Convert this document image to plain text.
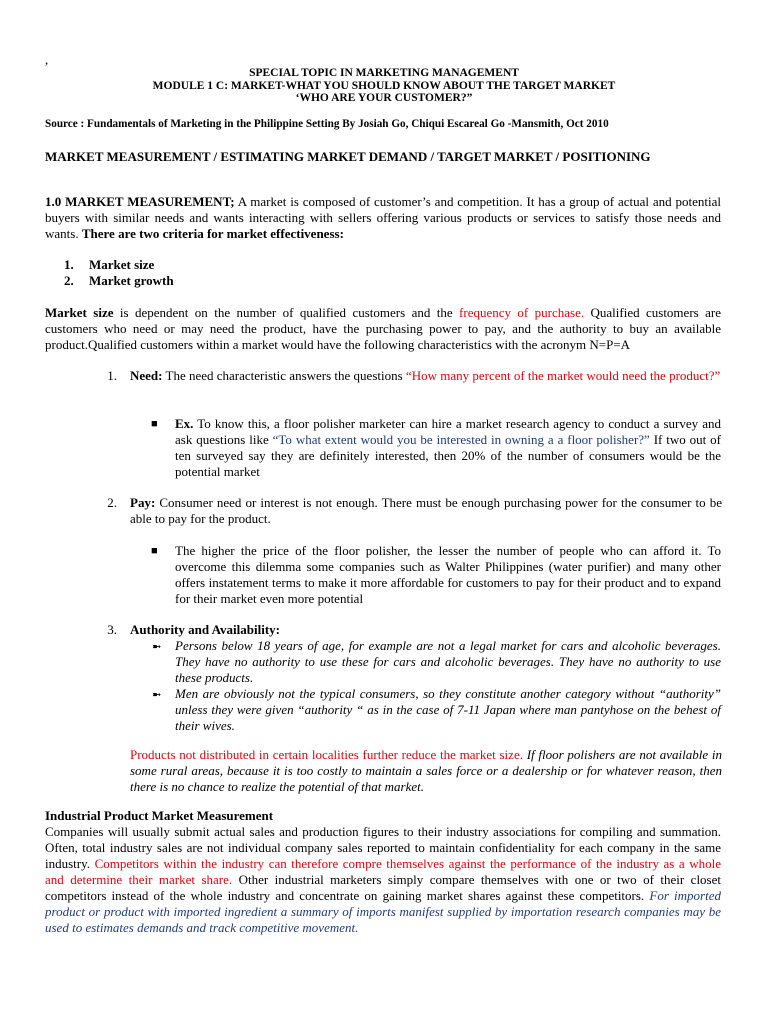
,
SPECIAL TOPIC IN MARKETING MANAGEMENT
MODULE 1 C: MARKET-WHAT YOU SHOULD KNOW ABOUT THE TARGET MARKET
‘WHO ARE YOUR CUSTOMER?”
Source : Fundamentals of Marketing in the Philippine Setting By Josiah Go, Chiqui Escareal Go -Mansmith, Oct 2010
MARKET MEASUREMENT / ESTIMATING MARKET DEMAND / TARGET MARKET / POSITIONING

1.0 MARKET MEASUREMENT; A market is composed of customer’s and competition. It has a group of actual and potential buyers with similar needs and wants interacting with sellers offering various products or services to satisfy those needs and wants. There are two criteria for market effectiveness:

1. Market size
2. Market growth

Market size is dependent on the number of qualified customers and the frequency of purchase. Qualified customers are customers who need or may need the product, have the purchasing power to pay, and the authority to buy an available product.Qualified customers within a market would have the following characteristics with the acronym N=P=A

1. Need: The need characteristic answers the questions “How many percent of the market would need the product?”

■ Ex. To know this, a floor polisher marketer can hire a market research agency to conduct a survey and ask questions like “To what extent would you be interested in owning a a floor polisher?” If two out of ten surveyed say they are definitely interested, then 20% of the number of consumers would be the potential market

2. Pay: Consumer need or interest is not enough. There must be enough purchasing power for the consumer to be able to pay for the product.

■ The higher the price of the floor polisher, the lesser the number of people who can afford it. To overcome this dilemma some companies such as Walter Philippines (water purifier) and many other offers instatement terms to make it more affordable for customers to pay for their product and to expand for their market even more potential

3. Authority and Availability:

➼ Persons below 18 years of age, for example are not a legal market for cars and alcoholic beverages. They have no authority to use these for cars and alcoholic beverages. They have no authority to use these products.

➼ Men are obviously not the typical consumers, so they constitute another category without “authority” unless they were given “authority “ as in the case of 7-11 Japan where man pantyhose on the behest of their wives.

Products not distributed in certain localities further reduce the market size. If floor polishers are not available in some rural areas, because it is too costly to maintain a sales force or a dealership or for whatever reason, then there is no chance to realize the potential of that market.

Industrial Product Market Measurement

Companies will usually submit actual sales and production figures to their industry associations for compiling and summation. Often, total industry sales are not individual company sales reported to maintain confidentiality for each company in the same industry. Competitors within the industry can therefore compre themselves against the performance of the industry as a whole and determine their market share. Other industrial marketers simply compare themselves with one or two of their closet competitors instead of the whole industry and concentrate on gaining market shares against these competitors. For imported product or product with imported ingredient a summary of imports manifest supplied by importation research companies may be used to estimates demands and track competitive movement.
